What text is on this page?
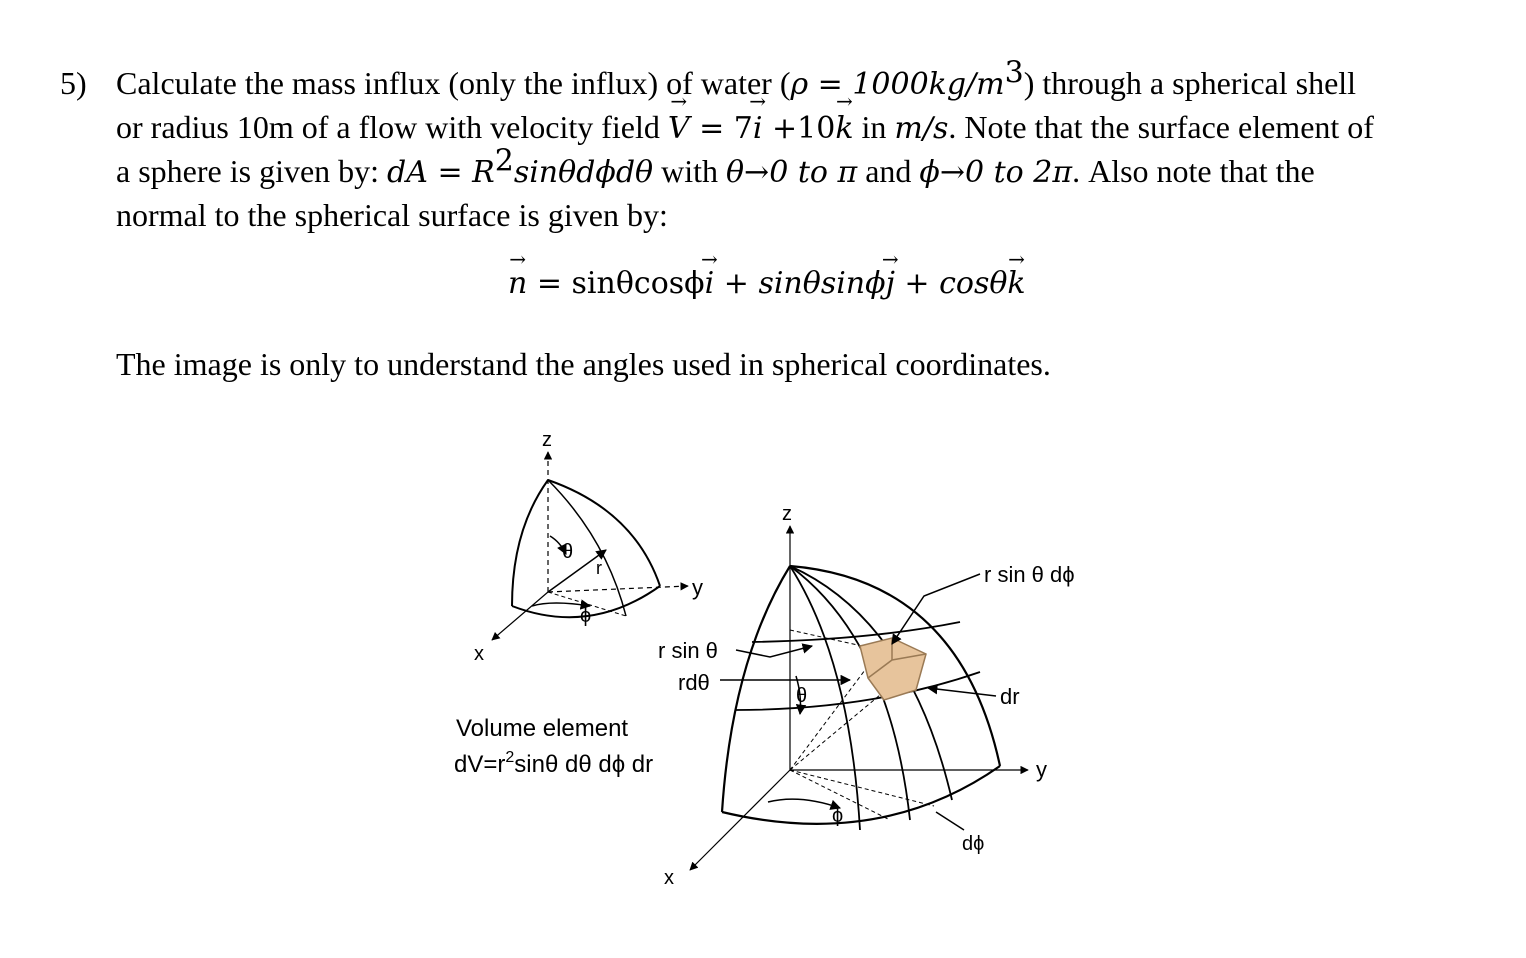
5) Calculate the mass influx (only the influx) of water $(\rho = 1000kg/m^3)$ through a spherical shell

or radius 10m of a flow with velocity field → V = 7→ i +10→ k in m/s. Note that the surface element of

a sphere is given by: dA = $R^2\sin\theta d\phi d\theta$ with θ→0 to π and ϕ→0 to 2π. Also note that the

normal to the spherical surface is given by:

→ n = sinθcosϕ→ i + sinθsinϕ→ j + cosθ→ k
The image is only to understand the angles used in spherical coordinates.
z
y
x
θ
r
ϕ
Volume element
$dV=r^2\sin\theta$ dθ dϕ dr
z
y
x
θ
ϕ
r sin θ
rdθ
r sin θ dϕ
dr
dϕ
